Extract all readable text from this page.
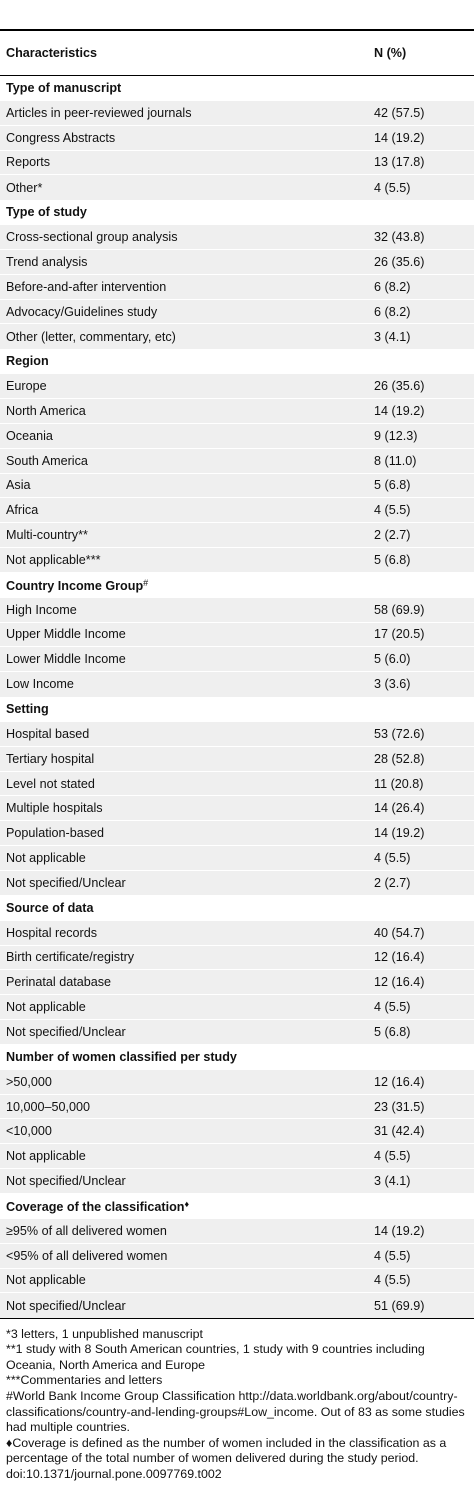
Characteristics	N (%)
Type of manuscript	
Articles in peer-reviewed journals	42 (57.5)
Congress Abstracts	14 (19.2)
Reports	13 (17.8)
Other*	4 (5.5)
Type of study	
Cross-sectional group analysis	32 (43.8)
Trend analysis	26 (35.6)
Before-and-after intervention	6 (8.2)
Advocacy/Guidelines study	6 (8.2)
Other (letter, commentary, etc)	3 (4.1)
Region	
Europe	26 (35.6)
North America	14 (19.2)
Oceania	9 (12.3)
South America	8 (11.0)
Asia	5 (6.8)
Africa	4 (5.5)
Multi-country**	2 (2.7)
Not applicable***	5 (6.8)
Country Income Group#
High Income	58 (69.9)
Upper Middle Income	17 (20.5)
Lower Middle Income	5 (6.0)
Low Income	3 (3.6)
Setting	
Hospital based	53 (72.6)
Tertiary hospital	28 (52.8)
Level not stated	11 (20.8)
Multiple hospitals	14 (26.4)
Population-based	14 (19.2)
Not applicable	4 (5.5)
Not specified/Unclear	2 (2.7)
Source of data	
Hospital records	40 (54.7)
Birth certificate/registry	12 (16.4)
Perinatal database	12 (16.4)
Not applicable	4 (5.5)
Not specified/Unclear	5 (6.8)
Number of women classified per study	
>50,000	12 (16.4)
10,000–50,000	23 (31.5)
<10,000	31 (42.4)
Not applicable	4 (5.5)
Not specified/Unclear	3 (4.1)
Coverage of the classification♦
≥95% of all delivered women	14 (19.2)
<95% of all delivered women	4 (5.5)
Not applicable	4 (5.5)
Not specified/Unclear	51 (69.9)
*3 letters, 1 unpublished manuscript
**1 study with 8 South American countries, 1 study with 9 countries including Oceania, North America and Europe
***Commentaries and letters
#World Bank Income Group Classification http://data.worldbank.org/about/country-classifications/country-and-lending-groups#Low_income. Out of 83 as some studies had multiple countries.
♦Coverage is defined as the number of women included in the classification as a percentage of the total number of women delivered during the study period.
doi:10.1371/journal.pone.0097769.t002
